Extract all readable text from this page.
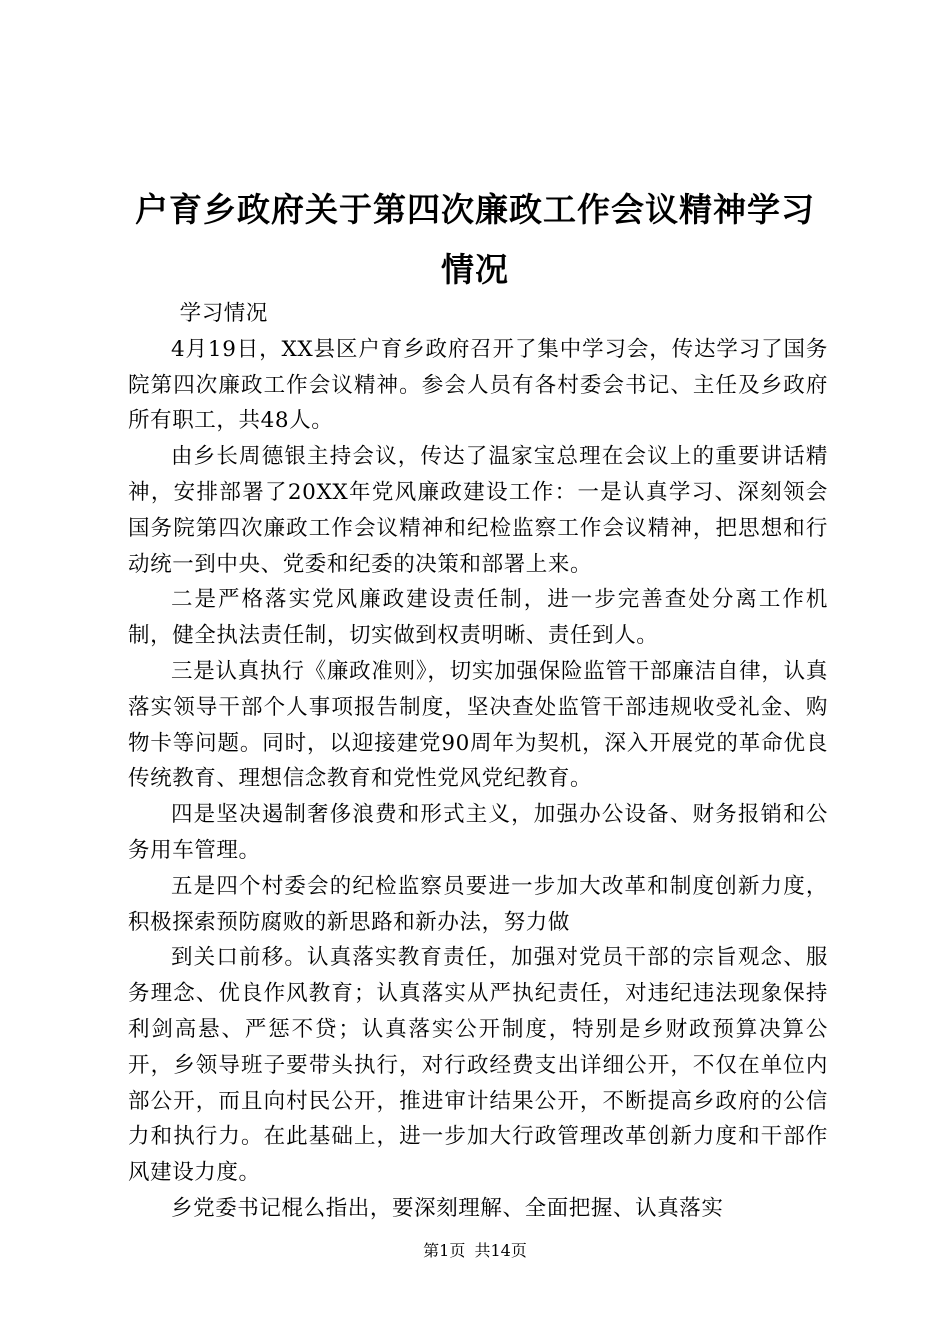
户育乡政府关于第四次廉政工作会议精神学习
情况

学习情况

4月19日，XX县区户育乡政府召开了集中学习会，传达学习了国务院第四次廉政工作会议精神。参会人员有各村委会书记、主任及乡政府所有职工，共48人。

由乡长周德银主持会议，传达了温家宝总理在会议上的重要讲话精神，安排部署了20XX年党风廉政建设工作：一是认真学习、深刻领会国务院第四次廉政工作会议精神和纪检监察工作会议精神，把思想和行动统一到中央、党委和纪委的决策和部署上来。

二是严格落实党风廉政建设责任制，进一步完善查处分离工作机制，健全执法责任制，切实做到权责明晰、责任到人。

三是认真执行《廉政准则》，切实加强保险监管干部廉洁自律，认真落实领导干部个人事项报告制度，坚决查处监管干部违规收受礼金、购物卡等问题。同时，以迎接建党90周年为契机，深入开展党的革命优良传统教育、理想信念教育和党性党风党纪教育。

四是坚决遏制奢侈浪费和形式主义，加强办公设备、财务报销和公务用车管理。

五是四个村委会的纪检监察员要进一步加大改革和制度创新力度，积极探索预防腐败的新思路和新办法，努力做

到关口前移。认真落实教育责任，加强对党员干部的宗旨观念、服务理念、优良作风教育；认真落实从严执纪责任，对违纪违法现象保持利剑高悬、严惩不贷；认真落实公开制度，特别是乡财政预算决算公开，乡领导班子要带头执行，对行政经费支出详细公开，不仅在单位内部公开，而且向村民公开，推进审计结果公开，不断提高乡政府的公信力和执行力。在此基础上，进一步加大行政管理改革创新力度和干部作风建设力度。

乡党委书记棍么指出，要深刻理解、全面把握、认真落实

第1页 共14页
